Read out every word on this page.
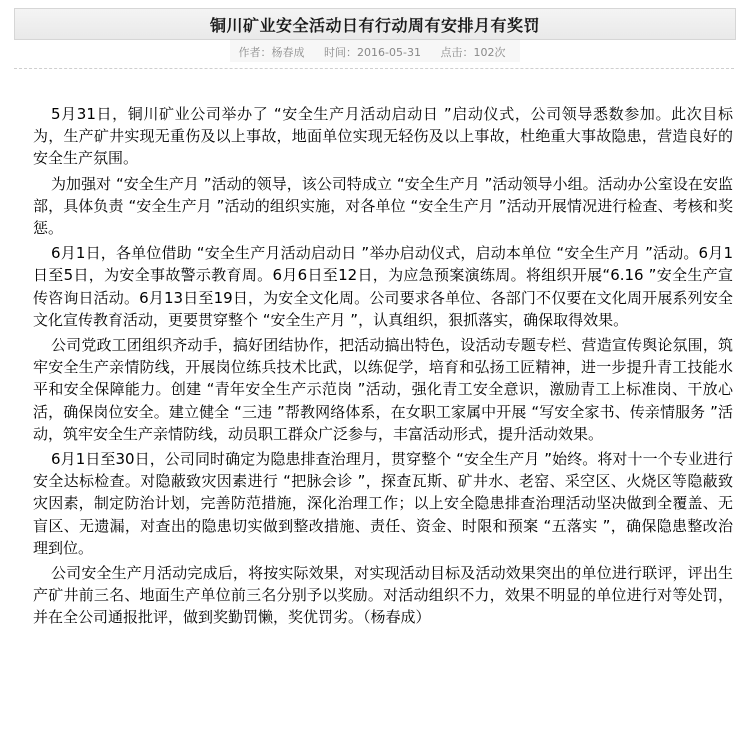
铜川矿业安全活动日有行动周有安排月有奖罚
作者：杨春成 时间：2016-05-31 点击：102次

5月31日，铜川矿业公司举办了 “安全生产月活动启动日 ”启动仪式，公司领导悉数参加。此次目标为，生产矿井实现无重伤及以上事故，地面单位实现无轻伤及以上事故，杜绝重大事故隐患，营造良好的安全生产氛围。

为加强对 “安全生产月 ”活动的领导，该公司特成立 “安全生产月 ”活动领导小组。活动办公室设在安监部，具体负责 “安全生产月 ”活动的组织实施，对各单位 “安全生产月 ”活动开展情况进行检查、考核和奖惩。

6月1日，各单位借助 “安全生产月活动启动日 ”举办启动仪式，启动本单位 “安全生产月 ”活动。6月1日至5日，为安全事故警示教育周。6月6日至12日，为应急预案演练周。将组织开展“6.16 ”安全生产宣传咨询日活动。6月13日至19日，为安全文化周。公司要求各单位、各部门不仅要在文化周开展系列安全文化宣传教育活动，更要贯穿整个 “安全生产月 ”，认真组织，狠抓落实，确保取得效果。

公司党政工团组织齐动手，搞好团结协作，把活动搞出特色，设活动专题专栏、营造宣传舆论氛围，筑牢安全生产亲情防线，开展岗位练兵技术比武，以练促学，培育和弘扬工匠精神，进一步提升青工技能水平和安全保障能力。创建 “青年安全生产示范岗 ”活动，强化青工安全意识，激励青工上标准岗、干放心活，确保岗位安全。建立健全 “三违 ”帮教网络体系，在女职工家属中开展 “写安全家书、传亲情服务 ”活动，筑牢安全生产亲情防线，动员职工群众广泛参与，丰富活动形式，提升活动效果。

6月1日至30日，公司同时确定为隐患排查治理月，贯穿整个 “安全生产月 ”始终。将对十一个专业进行安全达标检查。对隐蔽致灾因素进行 “把脉会诊 ”，探查瓦斯、矿井水、老窑、采空区、火烧区等隐蔽致灾因素，制定防治计划，完善防范措施，深化治理工作；以上安全隐患排查治理活动坚决做到全覆盖、无盲区、无遗漏，对查出的隐患切实做到整改措施、责任、资金、时限和预案 “五落实 ”，确保隐患整改治理到位。

公司安全生产月活动完成后，将按实际效果，对实现活动目标及活动效果突出的单位进行联评，评出生产矿井前三名、地面生产单位前三名分别予以奖励。对活动组织不力，效果不明显的单位进行对等处罚，并在全公司通报批评，做到奖勤罚懒，奖优罚劣。（杨春成）
